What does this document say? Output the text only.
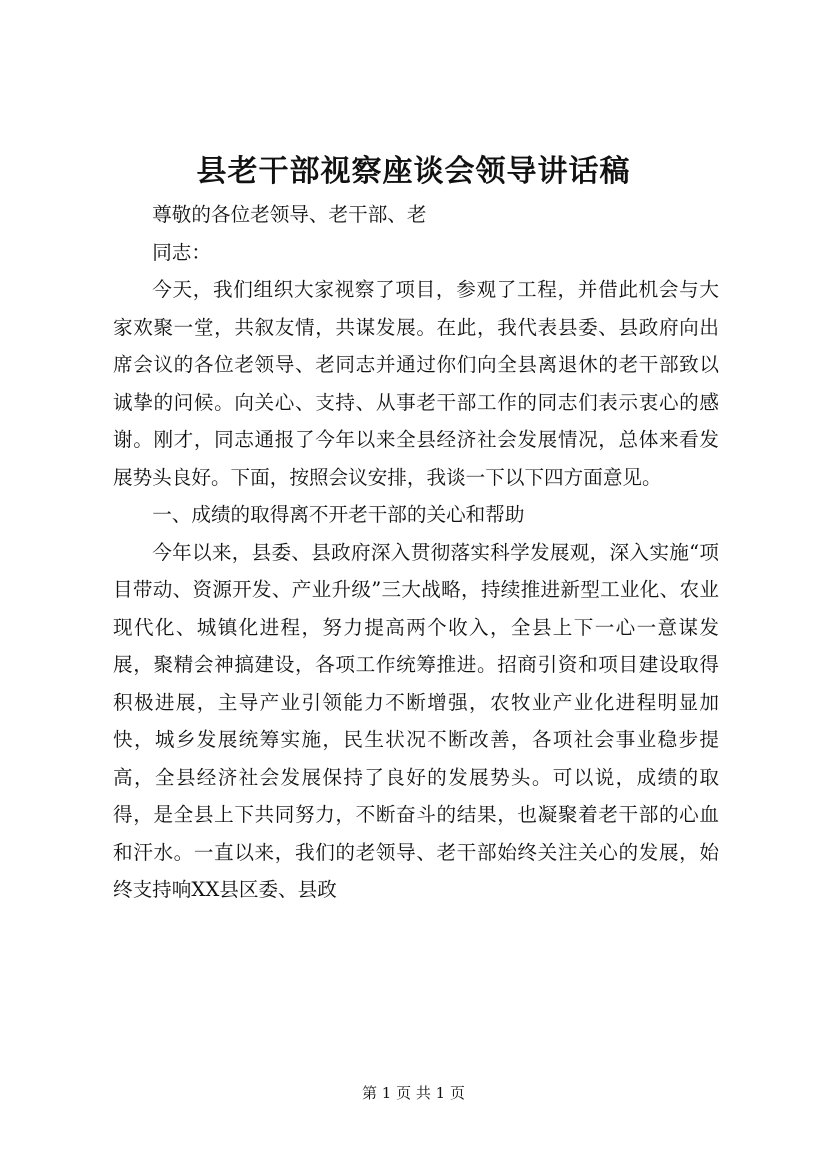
县老干部视察座谈会领导讲话稿

尊敬的各位老领导、老干部、老

同志：

今天，我们组织大家视察了项目，参观了工程，并借此机会与大家欢聚一堂，共叙友情，共谋发展。在此，我代表县委、县政府向出席会议的各位老领导、老同志并通过你们向全县离退休的老干部致以诚挚的问候。向关心、支持、从事老干部工作的同志们表示衷心的感谢。刚才，同志通报了今年以来全县经济社会发展情况，总体来看发展势头良好。下面，按照会议安排，我谈一下以下四方面意见。

一、成绩的取得离不开老干部的关心和帮助

今年以来，县委、县政府深入贯彻落实科学发展观，深入实施“项目带动、资源开发、产业升级”三大战略，持续推进新型工业化、农业现代化、城镇化进程，努力提高两个收入，全县上下一心一意谋发展，聚精会神搞建设，各项工作统筹推进。招商引资和项目建设取得积极进展，主导产业引领能力不断增强，农牧业产业化进程明显加快，城乡发展统筹实施，民生状况不断改善，各项社会事业稳步提高，全县经济社会发展保持了良好的发展势头。可以说，成绩的取得，是全县上下共同努力，不断奋斗的结果，也凝聚着老干部的心血和汗水。一直以来，我们的老领导、老干部始终关注关心的发展，始终支持响XX县区委、县政

第 1 页 共 1 页
